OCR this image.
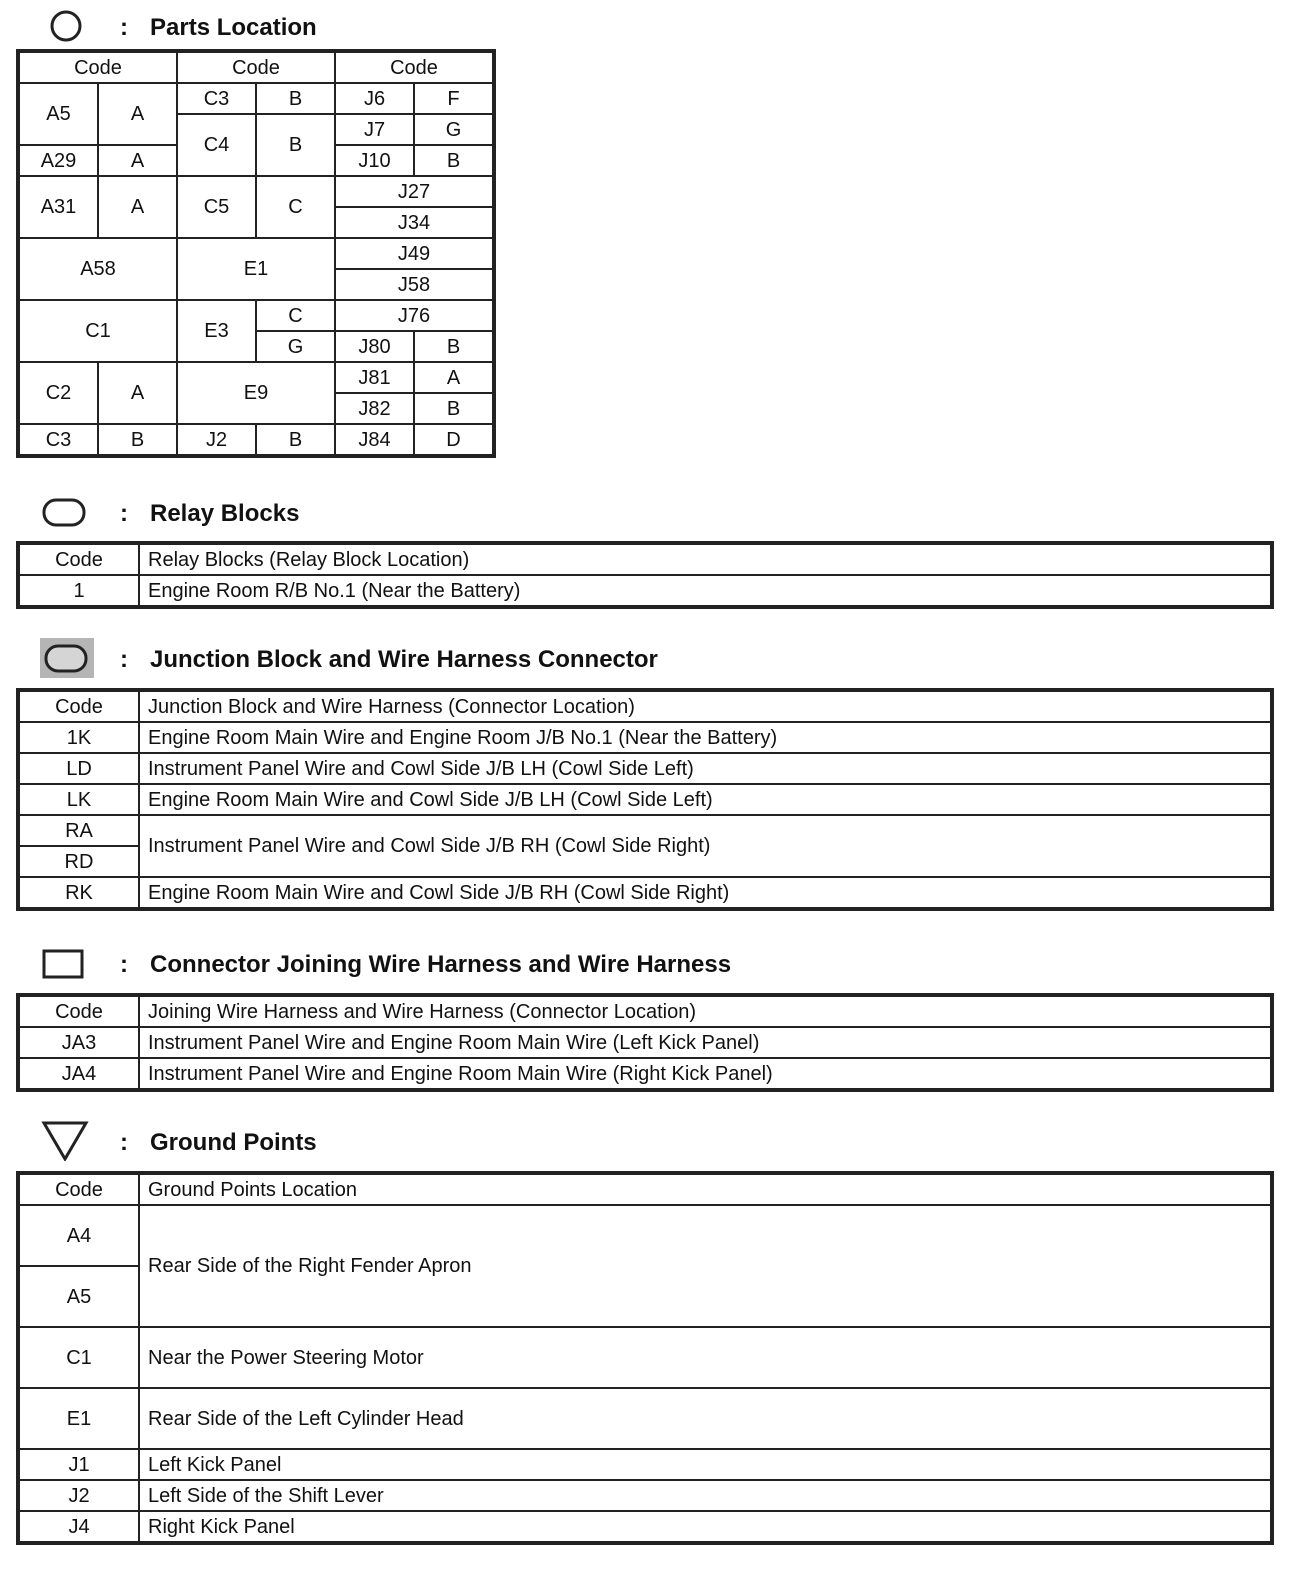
: Parts Location
Code		Code		Code	
A5	A	C3	B	J6	F
		C4	B	J7	G
A29	A			J10	B
A31	A	C5	C	J27	
				J34	
A58		E1		J49	
				J58	
C1		E3	C	J76	
			G	J80	B
C2	A	E9		J81	A
				J82	B
C3	B	J2	B	J84	D
: Relay Blocks
Code	Relay Blocks (Relay Block Location)
1	Engine Room R/B No.1 (Near the Battery)
: Junction Block and Wire Harness Connector
Code	Junction Block and Wire Harness (Connector Location)
1K	Engine Room Main Wire and Engine Room J/B No.1 (Near the Battery)
LD	Instrument Panel Wire and Cowl Side J/B LH (Cowl Side Left)
LK	Engine Room Main Wire and Cowl Side J/B LH (Cowl Side Left)
RA	Instrument Panel Wire and Cowl Side J/B RH (Cowl Side Right)
RD	
RK	Engine Room Main Wire and Cowl Side J/B RH (Cowl Side Right)
: Connector Joining Wire Harness and Wire Harness
Code	Joining Wire Harness and Wire Harness (Connector Location)
JA3	Instrument Panel Wire and Engine Room Main Wire (Left Kick Panel)
JA4	Instrument Panel Wire and Engine Room Main Wire (Right Kick Panel)
: Ground Points
Code	Ground Points Location
A4	Rear Side of the Right Fender Apron
A5	
C1	Near the Power Steering Motor
E1	Rear Side of the Left Cylinder Head
J1	Left Kick Panel
J2	Left Side of the Shift Lever
J4	Right Kick Panel
